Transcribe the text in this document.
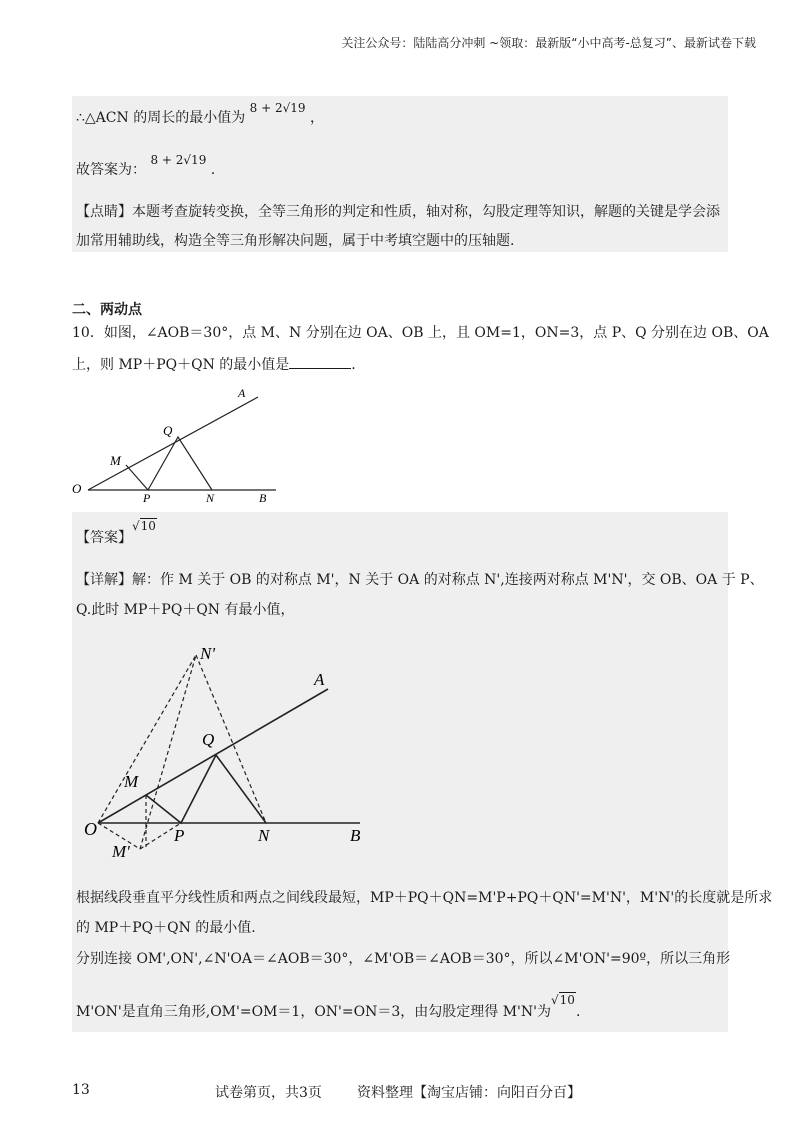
关注公众号：陆陆高分冲刺 ~领取：最新版“小中高考-总复习”、最新试卷下载
∴△ACN 的周长的最小值为 8 + 2√19 ，
故答案为： 8 + 2√19 .
【点睛】本题考查旋转变换，全等三角形的判定和性质，轴对称，勾股定理等知识，解题的关键是学会添
加常用辅助线，构造全等三角形解决问题，属于中考填空题中的压轴题.
二、两动点
10．如图，∠AOB＝30°，点 M、N 分别在边 OA、OB 上，且 OM=1，ON=3，点 P、Q 分别在边 OB、OA
上，则 MP＋PQ＋QN 的最小值是	.
A
Q
M
O
P	N	B
【答案】√10
【详解】解：作 M 关于 OB 的对称点 M'，N 关于 OA 的对称点 N',连接两对称点 M'N'，交 OB、OA 于 P、
Q.此时 MP＋PQ＋QN 有最小值，
N'
A
Q
M
O	P	N	B
M'
根据线段垂直平分线性质和两点之间线段最短，MP＋PQ＋QN=M'P+PQ＋QN'=M'N'，M'N'的长度就是所求
的 MP＋PQ＋QN 的最小值.
分别连接 OM',ON',∠N'OA＝∠AOB＝30°，∠M'OB＝∠AOB＝30°，所以∠M'ON'=90º，所以三角形
M'ON'是直角三角形,OM'=OM＝1，ON'=ON＝3，由勾股定理得 M'N'为√10.
13	试卷第页，共3页	资料整理【淘宝店铺：向阳百分百】
